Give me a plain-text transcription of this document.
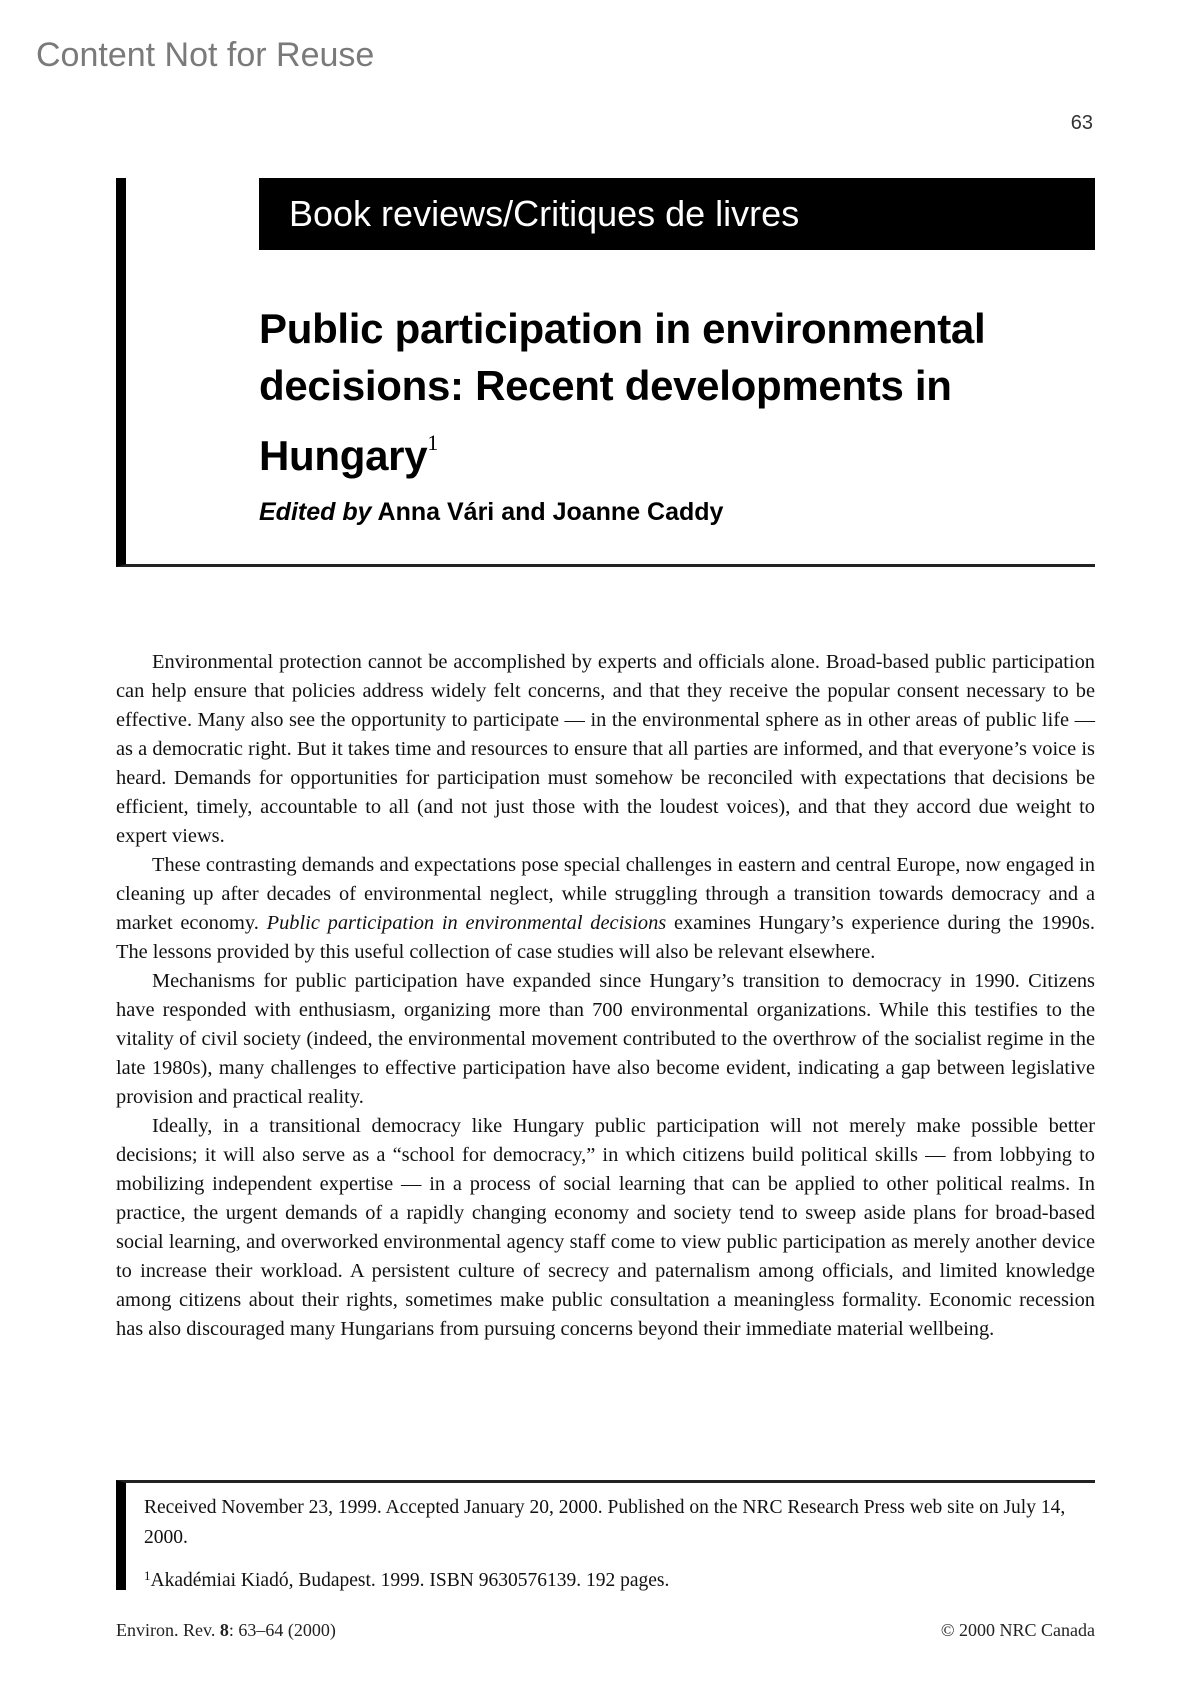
Content Not for Reuse
63
Book reviews/Critiques de livres
Public participation in environmental decisions: Recent developments in Hungary$^1$
Edited by Anna Vári and Joanne Caddy

Environmental protection cannot be accomplished by experts and officials alone. Broad-based public participation can help ensure that policies address widely felt concerns, and that they receive the popular consent necessary to be effective. Many also see the opportunity to participate — in the environmental sphere as in other areas of public life — as a democratic right. But it takes time and resources to ensure that all parties are informed, and that everyone’s voice is heard. Demands for opportunities for participation must somehow be reconciled with expectations that decisions be efficient, timely, accountable to all (and not just those with the loudest voices), and that they accord due weight to expert views.

These contrasting demands and expectations pose special challenges in eastern and central Europe, now engaged in cleaning up after decades of environmental neglect, while struggling through a transition towards democracy and a market economy. Public participation in environmental decisions examines Hungary’s experience during the 1990s. The lessons provided by this useful collection of case studies will also be relevant elsewhere.

Mechanisms for public participation have expanded since Hungary’s transition to democracy in 1990. Citizens have responded with enthusiasm, organizing more than 700 environmental organizations. While this testifies to the vitality of civil society (indeed, the environmental movement contributed to the overthrow of the socialist regime in the late 1980s), many challenges to effective participation have also become evident, indicating a gap between legislative provision and practical reality.

Ideally, in a transitional democracy like Hungary public participation will not merely make possible better decisions; it will also serve as a “school for democracy,” in which citizens build political skills — from lobbying to mobilizing independent expertise — in a process of social learning that can be applied to other political realms. In practice, the urgent demands of a rapidly changing economy and society tend to sweep aside plans for broad-based social learning, and overworked environmental agency staff come to view public participation as merely another device to increase their workload. A persistent culture of secrecy and paternalism among officials, and limited knowledge among citizens about their rights, sometimes make public consultation a meaningless formality. Economic recession has also discouraged many Hungarians from pursuing concerns beyond their immediate material wellbeing.

Received November 23, 1999. Accepted January 20, 2000. Published on the NRC Research Press web site on July 14, 2000.

$^1$Akadémiai Kiadó, Budapest. 1999. ISBN 9630576139. 192 pages.

Environ. Rev. 8: 63–64 (2000)	© 2000 NRC Canada
